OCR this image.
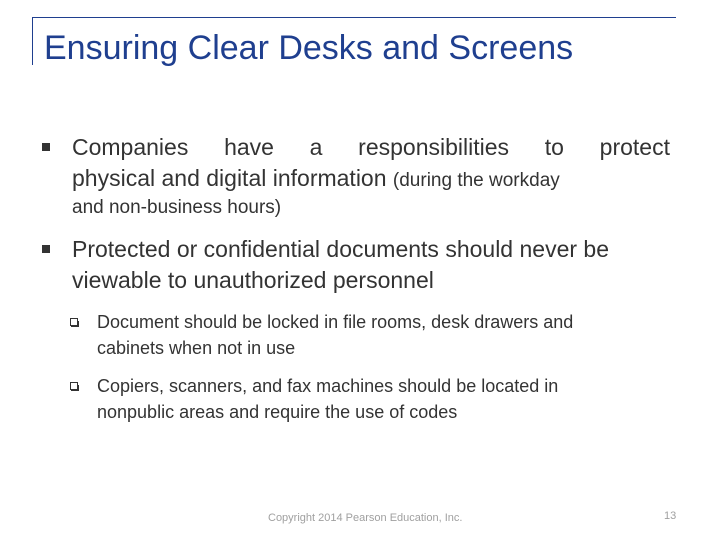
Ensuring Clear Desks and Screens
Companies have a responsibilities to protect
physical and digital information (during the workday
and non-business hours)
Protected or confidential documents should never be
viewable to unauthorized personnel
Document should be locked in file rooms, desk drawers and
cabinets when not in use
Copiers, scanners, and fax machines should be located in
nonpublic areas and require the use of codes
Copyright 2014 Pearson Education, Inc.	13
